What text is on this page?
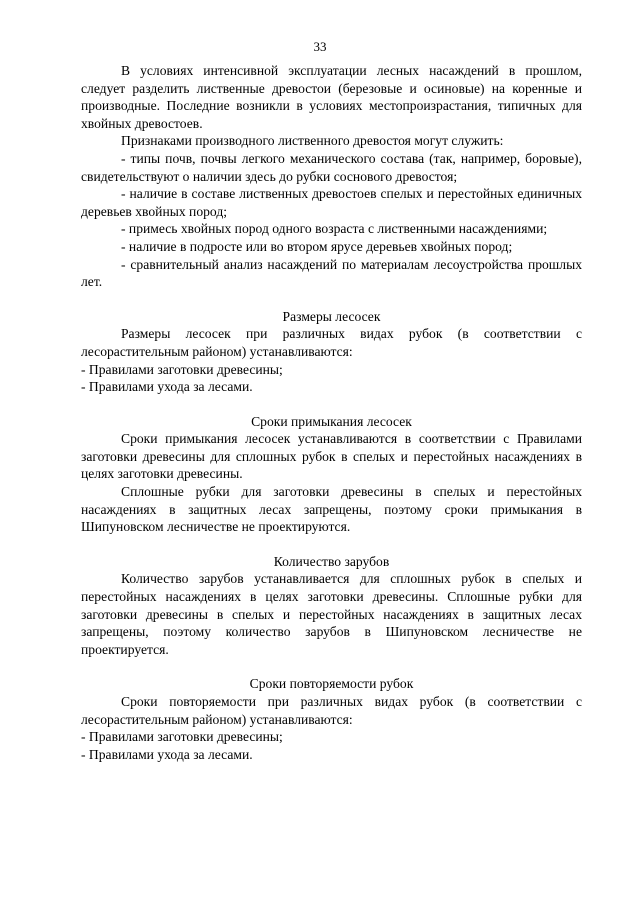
33

В условиях интенсивной эксплуатации лесных насаждений в прошлом, следует разделить лиственные древостои (березовые и осиновые) на коренные и производные. Последние возникли в условиях местопроизрастания, типичных для хвойных древостоев.

Признаками производного лиственного древостоя могут служить:

- типы почв, почвы легкого механического состава (так, например, боровые), свидетельствуют о наличии здесь до рубки соснового древостоя;

- наличие в составе лиственных древостоев спелых и перестойных единичных деревьев хвойных пород;

- примесь хвойных пород одного возраста с лиственными насаждениями;

- наличие в подросте или во втором ярусе деревьев хвойных пород;

- сравнительный анализ насаждений по материалам лесоустройства прошлых лет.

Размеры лесосек

Размеры лесосек при различных видах рубок (в соответствии с лесорастительным районом) устанавливаются:

- Правилами заготовки древесины;

- Правилами ухода за лесами.

Сроки примыкания лесосек

Сроки примыкания лесосек устанавливаются в соответствии с Правилами заготовки древесины для сплошных рубок в спелых и перестойных насаждениях в целях заготовки древесины.

Сплошные рубки для заготовки древесины в спелых и перестойных насаждениях в защитных лесах запрещены, поэтому сроки примыкания в Шипуновском лесничестве не проектируются.

Количество зарубов

Количество зарубов устанавливается для сплошных рубок в спелых и перестойных насаждениях в целях заготовки древесины. Сплошные рубки для заготовки древесины в спелых и перестойных насаждениях в защитных лесах запрещены, поэтому количество зарубов в Шипуновском лесничестве не проектируется.

Сроки повторяемости рубок

Сроки повторяемости при различных видах рубок (в соответствии с лесорастительным районом) устанавливаются:

- Правилами заготовки древесины;

- Правилами ухода за лесами.
